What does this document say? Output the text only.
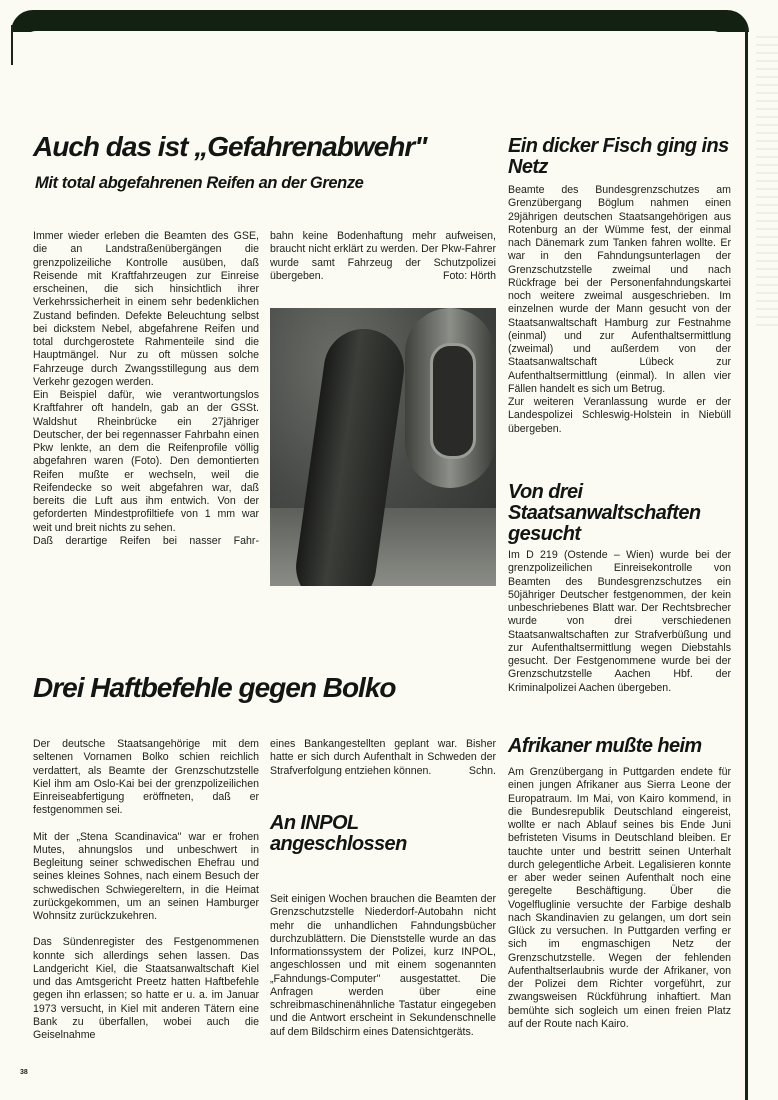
Auch das ist „Gefahrenabwehr"
Mit total abgefahrenen Reifen an der Grenze

Immer wieder erleben die Beamten des GSE, die an Landstraßenübergängen die grenzpolizeiliche Kontrolle ausüben, daß Reisende mit Kraftfahrzeugen zur Einreise erscheinen, die sich hinsichtlich ihrer Verkehrssicherheit in einem sehr bedenklichen Zustand befinden. Defekte Beleuchtung selbst bei dickstem Nebel, abgefahrene Reifen und total durchgerostete Rahmenteile sind die Hauptmängel. Nur zu oft müssen solche Fahrzeuge durch Zwangsstillegung aus dem Verkehr gezogen werden.

Ein Beispiel dafür, wie verantwortungslos Kraftfahrer oft handeln, gab an der GSSt. Waldshut Rheinbrücke ein 27jähriger Deutscher, der bei regennasser Fahrbahn einen Pkw lenkte, an dem die Reifenprofile völlig abgefahren waren (Foto). Den demontierten Reifen mußte er wechseln, weil die Reifendecke so weit abgefahren war, daß bereits die Luft aus ihm entwich. Von der geforderten Mindestprofiltiefe von 1 mm war weit und breit nichts zu sehen.

Daß derartige Reifen bei nasser Fahr-

bahn keine Bodenhaftung mehr aufweisen, braucht nicht erklärt zu werden. Der Pkw-Fahrer wurde samt Fahrzeug der Schutzpolizei übergeben.	Foto: Hörth
Ein dicker Fisch ging ins Netz

Beamte des Bundesgrenzschutzes am Grenzübergang Böglum nahmen einen 29jährigen deutschen Staatsangehörigen aus Rotenburg an der Wümme fest, der einmal nach Dänemark zum Tanken fahren wollte. Er war in den Fahndungsunterlagen der Grenzschutzstelle zweimal und nach Rückfrage bei der Personenfahndungskartei noch weitere zweimal ausgeschrieben. Im einzelnen wurde der Mann gesucht von der Staatsanwaltschaft Hamburg zur Festnahme (einmal) und zur Aufenthaltsermittlung (zweimal) und außerdem von der Staatsanwaltschaft Lübeck zur Aufenthaltsermittlung (einmal). In allen vier Fällen handelt es sich um Betrug.

Zur weiteren Veranlassung wurde er der Landespolizei Schleswig-Holstein in Niebüll übergeben.

Von drei Staatsanwaltschaften gesucht
Im D 219 (Ostende – Wien) wurde bei der grenzpolizeilichen Einreisekontrolle von Beamten des Bundesgrenzschutzes ein 50jähriger Deutscher festgenommen, der kein unbeschriebenes Blatt war. Der Rechtsbrecher wurde von drei verschiedenen Staatsanwaltschaften zur Strafverbüßung und zur Aufenthaltsermittlung wegen Diebstahls gesucht. Der Festgenommene wurde bei der Grenzschutzstelle Aachen Hbf. der Kriminalpolizei Aachen übergeben.
Drei Haftbefehle gegen Bolko

Der deutsche Staatsangehörige mit dem seltenen Vornamen Bolko schien reichlich verdattert, als Beamte der Grenzschutzstelle Kiel ihm am Oslo-Kai bei der grenzpolizeilichen Einreiseabfertigung eröffneten, daß er festgenommen sei.

Mit der „Stena Scandinavica" war er frohen Mutes, ahnungslos und unbeschwert in Begleitung seiner schwedischen Ehefrau und seines kleines Sohnes, nach einem Besuch der schwedischen Schwiegereltern, in die Heimat zurückgekommen, um an seinen Hamburger Wohnsitz zurückzukehren.

Das Sündenregister des Festgenommenen konnte sich allerdings sehen lassen. Das Landgericht Kiel, die Staatsanwaltschaft Kiel und das Amtsgericht Preetz hatten Haftbefehle gegen ihn erlassen; so hatte er u. a. im Januar 1973 versucht, in Kiel mit anderen Tätern eine Bank zu überfallen, wobei auch die Geiselnahme

eines Bankangestellten geplant war. Bisher hatte er sich durch Aufenthalt in Schweden der Strafverfolgung entziehen können.	Schn.
An INPOL angeschlossen
Seit einigen Wochen brauchen die Beamten der Grenzschutzstelle Niederdorf-Autobahn nicht mehr die unhandlichen Fahndungsbücher durchzublättern. Die Dienststelle wurde an das Informationssystem der Polizei, kurz INPOL, angeschlossen und mit einem sogenannten „Fahndungs-Computer" ausgestattet. Die Anfragen werden über eine schreibmaschinenähnliche Tastatur eingegeben und die Antwort erscheint in Sekundenschnelle auf dem Bildschirm eines Datensichtgeräts.
Afrikaner mußte heim
Am Grenzübergang in Puttgarden endete für einen jungen Afrikaner aus Sierra Leone der Europatraum. Im Mai, von Kairo kommend, in die Bundesrepublik Deutschland eingereist, wollte er nach Ablauf seines bis Ende Juni befristeten Visums in Deutschland bleiben. Er tauchte unter und bestritt seinen Unterhalt durch gelegentliche Arbeit. Legalisieren konnte er aber weder seinen Aufenthalt noch eine geregelte Beschäftigung. Über die Vogelfluglinie versuchte der Farbige deshalb nach Skandinavien zu gelangen, um dort sein Glück zu versuchen. In Puttgarden verfing er sich im engmaschigen Netz der Grenzschutzstelle. Wegen der fehlenden Aufenthaltserlaubnis wurde der Afrikaner, von der Polizei dem Richter vorgeführt, zur zwangsweisen Rückführung inhaftiert. Man bemühte sich sogleich um einen freien Platz auf der Route nach Kairo.
38
